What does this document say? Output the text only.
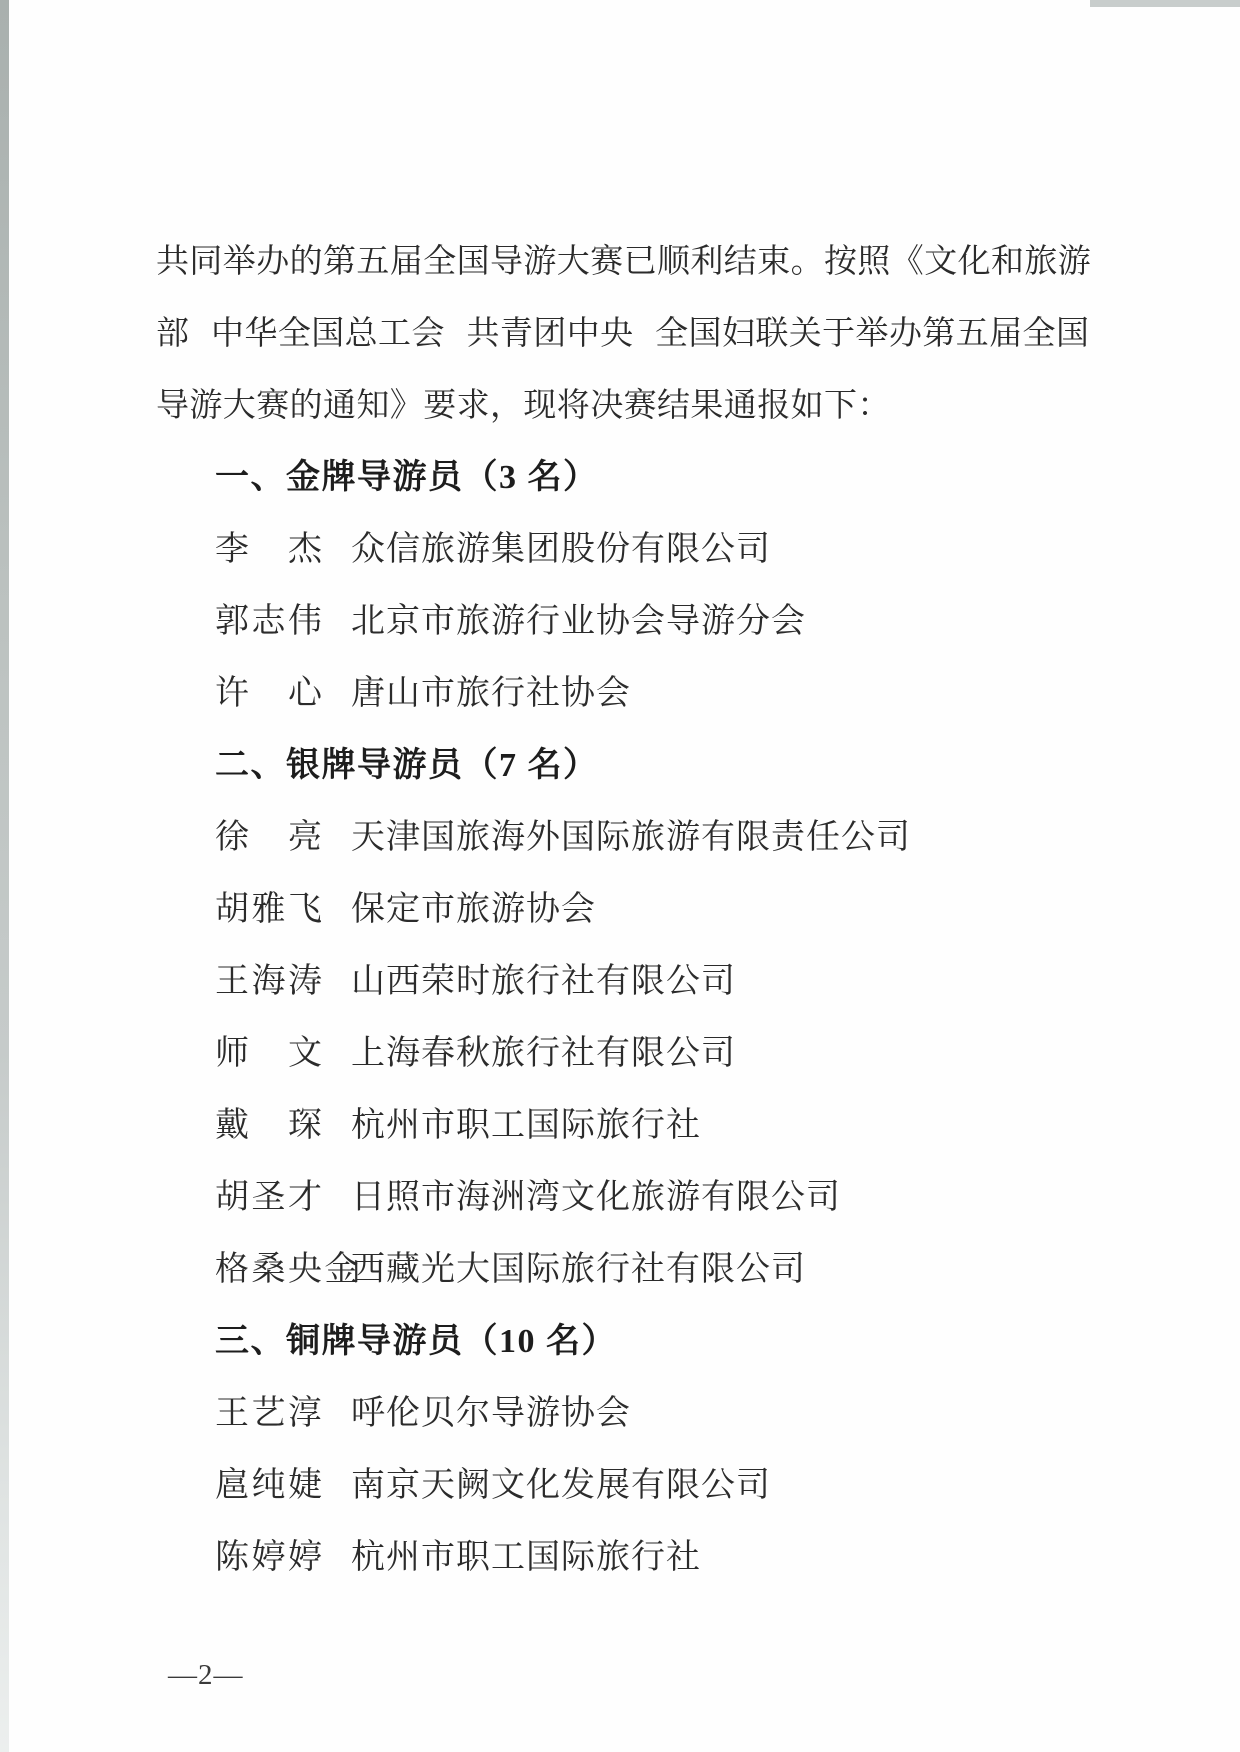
共同举办的第五届全国导游大赛已顺利结束。按照《文化和旅游

部 中华全国总工会 共青团中央 全国妇联关于举办第五届全国

导游大赛的通知》要求，现将决赛结果通报如下：

一、金牌导游员（3 名）
李　杰 众信旅游集团股份有限公司
郭志伟 北京市旅游行业协会导游分会
许　心 唐山市旅行社协会
二、银牌导游员（7 名）
徐　亮 天津国旅海外国际旅游有限责任公司
胡雅飞 保定市旅游协会
王海涛 山西荣时旅行社有限公司
师　文 上海春秋旅行社有限公司
戴　琛 杭州市职工国际旅行社
胡圣才 日照市海洲湾文化旅游有限公司
格桑央金
西藏光大国际旅行社有限公司
三、铜牌导游员（10 名）
王艺淳 呼伦贝尔导游协会
扈纯婕 南京天阙文化发展有限公司
陈婷婷 杭州市职工国际旅行社
—2—
